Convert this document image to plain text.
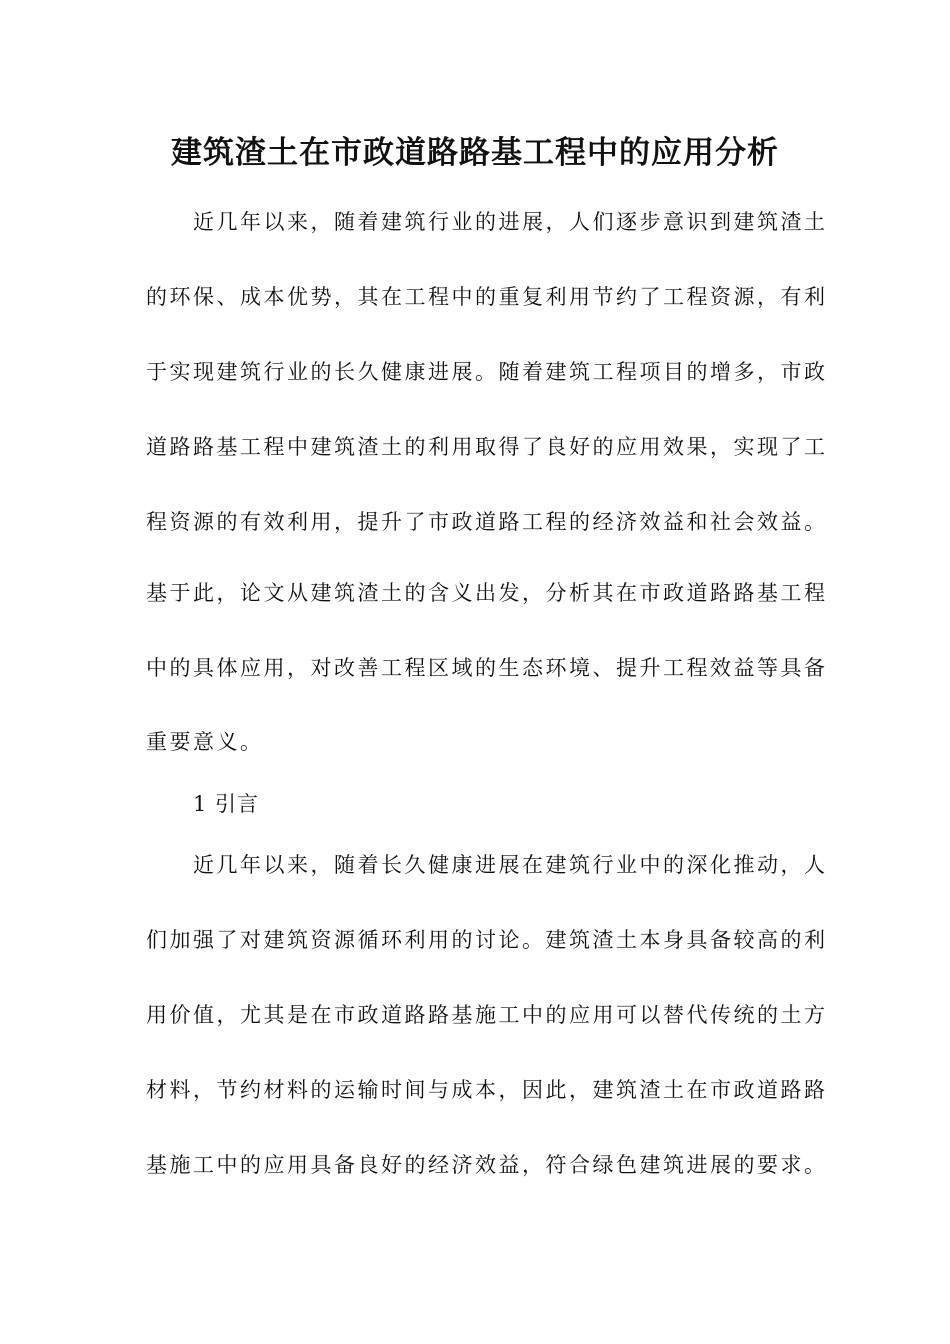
建筑渣土在市政道路路基工程中的应用分析
近几年以来，随着建筑行业的进展，人们逐步意识到建筑渣土
的环保、成本优势，其在工程中的重复利用节约了工程资源，有利
于实现建筑行业的长久健康进展。随着建筑工程项目的增多，市政
道路路基工程中建筑渣土的利用取得了良好的应用效果，实现了工
程资源的有效利用，提升了市政道路工程的经济效益和社会效益。
基于此，论文从建筑渣土的含义出发，分析其在市政道路路基工程
中的具体应用，对改善工程区域的生态环境、提升工程效益等具备
重要意义。
1 引言
近几年以来，随着长久健康进展在建筑行业中的深化推动，人
们加强了对建筑资源循环利用的讨论。建筑渣土本身具备较高的利
用价值，尤其是在市政道路路基施工中的应用可以替代传统的土方
材料，节约材料的运输时间与成本，因此，建筑渣土在市政道路路
基施工中的应用具备良好的经济效益，符合绿色建筑进展的要求。
